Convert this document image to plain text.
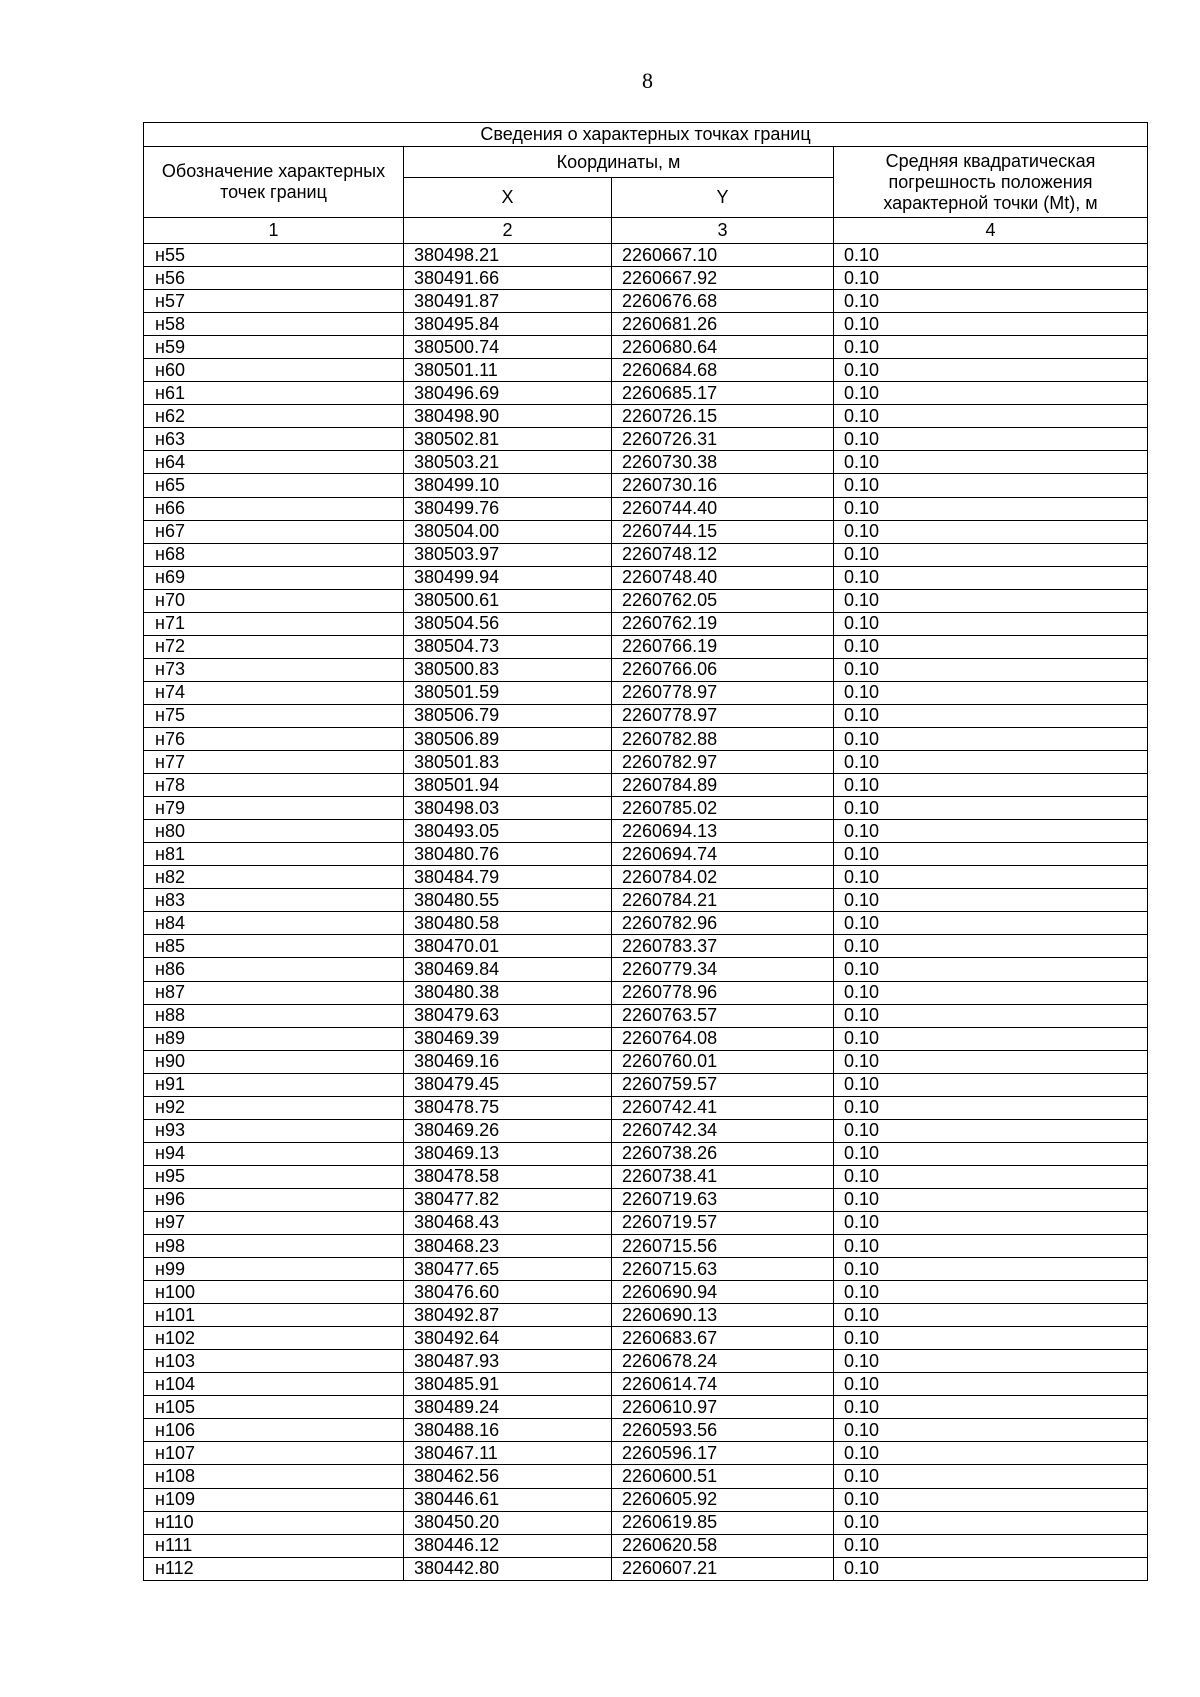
8
Сведения о характерных точках границ			
Обозначение характерных точек границ	Координаты, м		Средняя квадратическая погрешность положения характерной точки (Mt), м
	X	Y	
1	2	3	4
н55	380498.21	2260667.10	0.10
н56	380491.66	2260667.92	0.10
н57	380491.87	2260676.68	0.10
н58	380495.84	2260681.26	0.10
н59	380500.74	2260680.64	0.10
н60	380501.11	2260684.68	0.10
н61	380496.69	2260685.17	0.10
н62	380498.90	2260726.15	0.10
н63	380502.81	2260726.31	0.10
н64	380503.21	2260730.38	0.10
н65	380499.10	2260730.16	0.10
н66	380499.76	2260744.40	0.10
н67	380504.00	2260744.15	0.10
н68	380503.97	2260748.12	0.10
н69	380499.94	2260748.40	0.10
н70	380500.61	2260762.05	0.10
н71	380504.56	2260762.19	0.10
н72	380504.73	2260766.19	0.10
н73	380500.83	2260766.06	0.10
н74	380501.59	2260778.97	0.10
н75	380506.79	2260778.97	0.10
н76	380506.89	2260782.88	0.10
н77	380501.83	2260782.97	0.10
н78	380501.94	2260784.89	0.10
н79	380498.03	2260785.02	0.10
н80	380493.05	2260694.13	0.10
н81	380480.76	2260694.74	0.10
н82	380484.79	2260784.02	0.10
н83	380480.55	2260784.21	0.10
н84	380480.58	2260782.96	0.10
н85	380470.01	2260783.37	0.10
н86	380469.84	2260779.34	0.10
н87	380480.38	2260778.96	0.10
н88	380479.63	2260763.57	0.10
н89	380469.39	2260764.08	0.10
н90	380469.16	2260760.01	0.10
н91	380479.45	2260759.57	0.10
н92	380478.75	2260742.41	0.10
н93	380469.26	2260742.34	0.10
н94	380469.13	2260738.26	0.10
н95	380478.58	2260738.41	0.10
н96	380477.82	2260719.63	0.10
н97	380468.43	2260719.57	0.10
н98	380468.23	2260715.56	0.10
н99	380477.65	2260715.63	0.10
н100	380476.60	2260690.94	0.10
н101	380492.87	2260690.13	0.10
н102	380492.64	2260683.67	0.10
н103	380487.93	2260678.24	0.10
н104	380485.91	2260614.74	0.10
н105	380489.24	2260610.97	0.10
н106	380488.16	2260593.56	0.10
н107	380467.11	2260596.17	0.10
н108	380462.56	2260600.51	0.10
н109	380446.61	2260605.92	0.10
н110	380450.20	2260619.85	0.10
н111	380446.12	2260620.58	0.10
н112	380442.80	2260607.21	0.10
